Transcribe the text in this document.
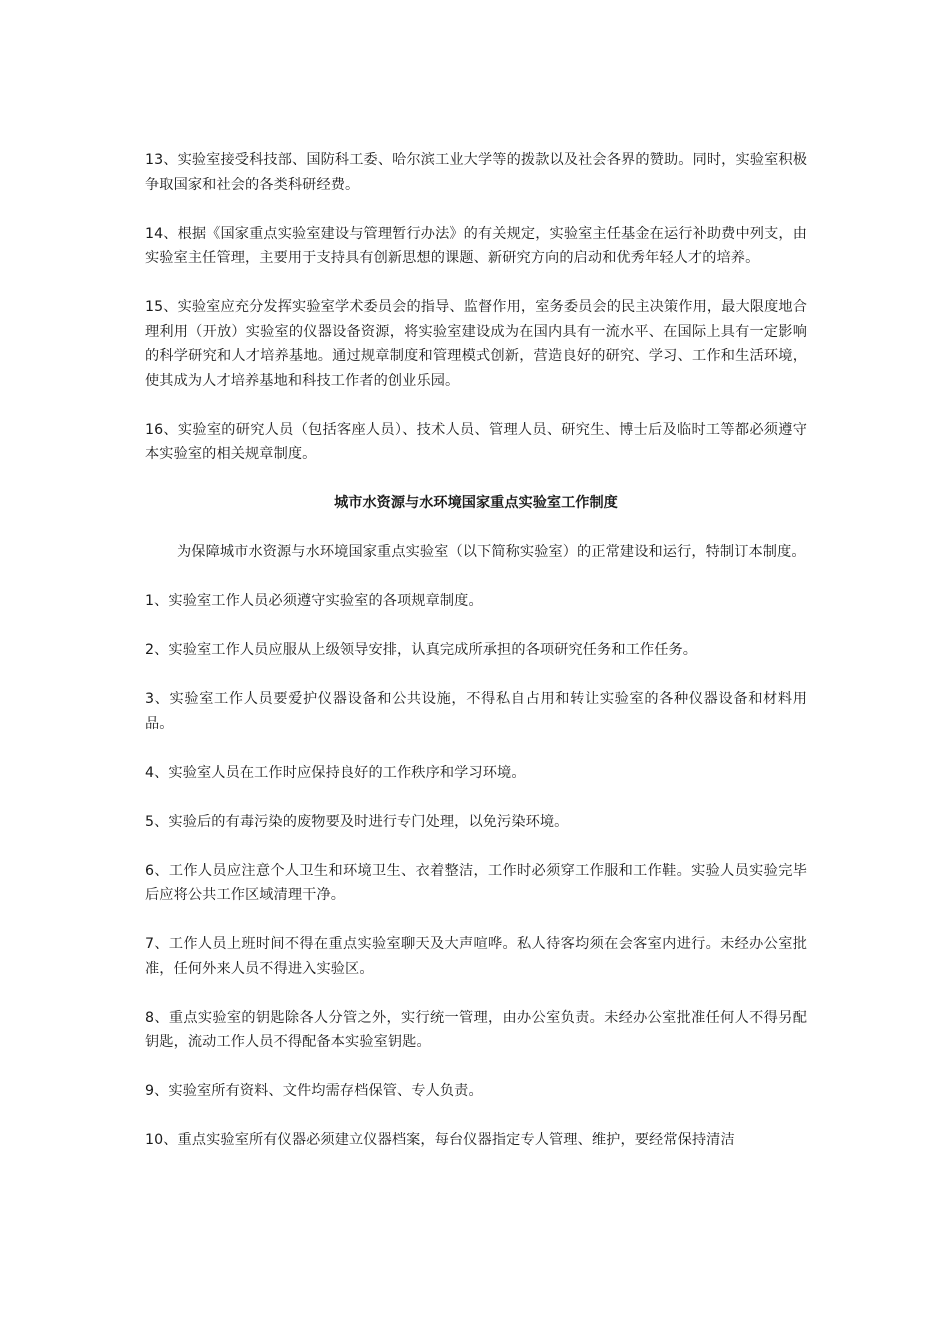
13、实验室接受科技部、国防科工委、哈尔滨工业大学等的拨款以及社会各界的赞助。同时，实验室积极争取国家和社会的各类科研经费。

14、根据《国家重点实验室建设与管理暂行办法》的有关规定，实验室主任基金在运行补助费中列支，由实验室主任管理，主要用于支持具有创新思想的课题、新研究方向的启动和优秀年轻人才的培养。

15、实验室应充分发挥实验室学术委员会的指导、监督作用，室务委员会的民主决策作用，最大限度地合理利用（开放）实验室的仪器设备资源，将实验室建设成为在国内具有一流水平、在国际上具有一定影响的科学研究和人才培养基地。通过规章制度和管理模式创新，营造良好的研究、学习、工作和生活环境，使其成为人才培养基地和科技工作者的创业乐园。

16、实验室的研究人员（包括客座人员）、技术人员、管理人员、研究生、博士后及临时工等都必须遵守本实验室的相关规章制度。

城市水资源与水环境国家重点实验室工作制度

为保障城市水资源与水环境国家重点实验室（以下简称实验室）的正常建设和运行，特制订本制度。

1、实验室工作人员必须遵守实验室的各项规章制度。

2、实验室工作人员应服从上级领导安排，认真完成所承担的各项研究任务和工作任务。

3、实验室工作人员要爱护仪器设备和公共设施，不得私自占用和转让实验室的各种仪器设备和材料用品。

4、实验室人员在工作时应保持良好的工作秩序和学习环境。

5、实验后的有毒污染的废物要及时进行专门处理，以免污染环境。

6、工作人员应注意个人卫生和环境卫生、衣着整洁，工作时必须穿工作服和工作鞋。实验人员实验完毕后应将公共工作区域清理干净。

7、工作人员上班时间不得在重点实验室聊天及大声喧哗。私人待客均须在会客室内进行。未经办公室批准，任何外来人员不得进入实验区。

8、重点实验室的钥匙除各人分管之外，实行统一管理，由办公室负责。未经办公室批准任何人不得另配钥匙，流动工作人员不得配备本实验室钥匙。

9、实验室所有资料、文件均需存档保管、专人负责。

10、重点实验室所有仪器必须建立仪器档案，每台仪器指定专人管理、维护，要经常保持清洁
